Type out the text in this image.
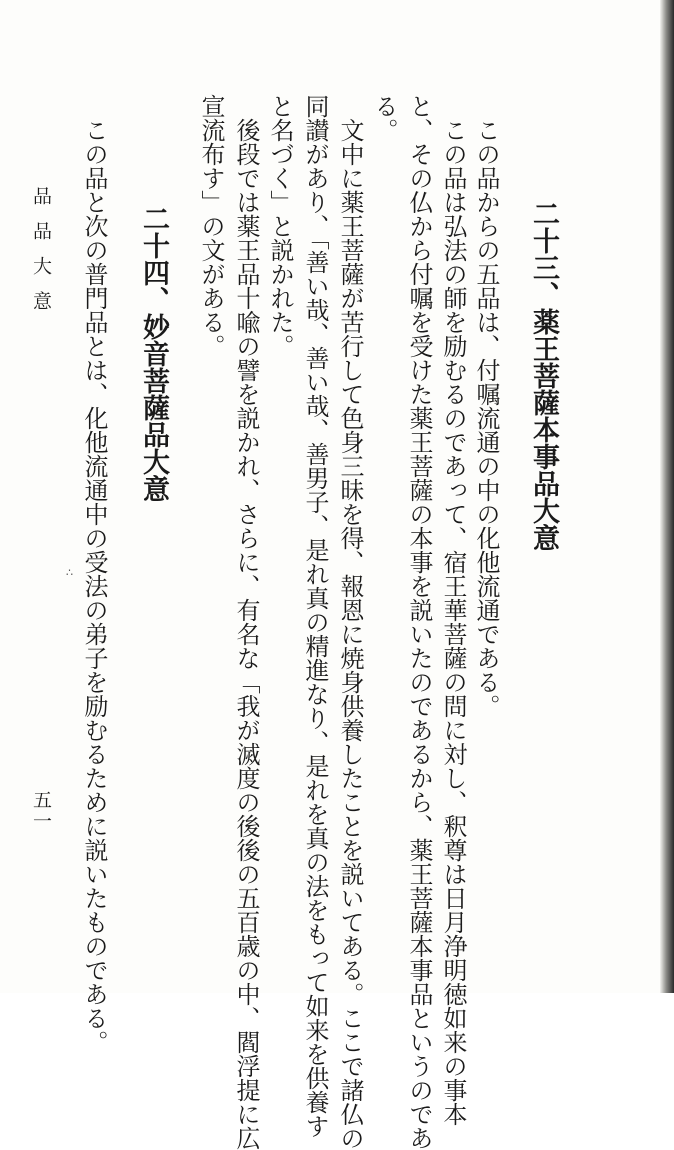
二十三、薬王菩薩本事品大意
この品からの五品は、付嘱流通の中の化他流通である。
この品は弘法の師を励むるのであって、宿王華菩薩の問に対し、釈尊は日月浄明徳如来の事本
と、その仏から付嘱を受けた薬王菩薩の本事を説いたのであるから、薬王菩薩本事品というのであ
る。
文中に薬王菩薩が苦行して色身三昧を得、報恩に焼身供養したことを説いてある。ここで諸仏の
同讃があり、「善い哉、善い哉、善男子、是れ真の精進なり、是れを真の法をもって如来を供養す
と名づく」と説かれた。
後段では薬王品十喩の譬を説かれ、さらに、有名な「我が滅度の後後の五百歳の中、閻浮提に広
宣流布す」の文がある。
二十四、妙音菩薩品大意
この品と次の普門品とは、化他流通中の受法の弟子を励むるために説いたものである。
品品大意
五一
∴
